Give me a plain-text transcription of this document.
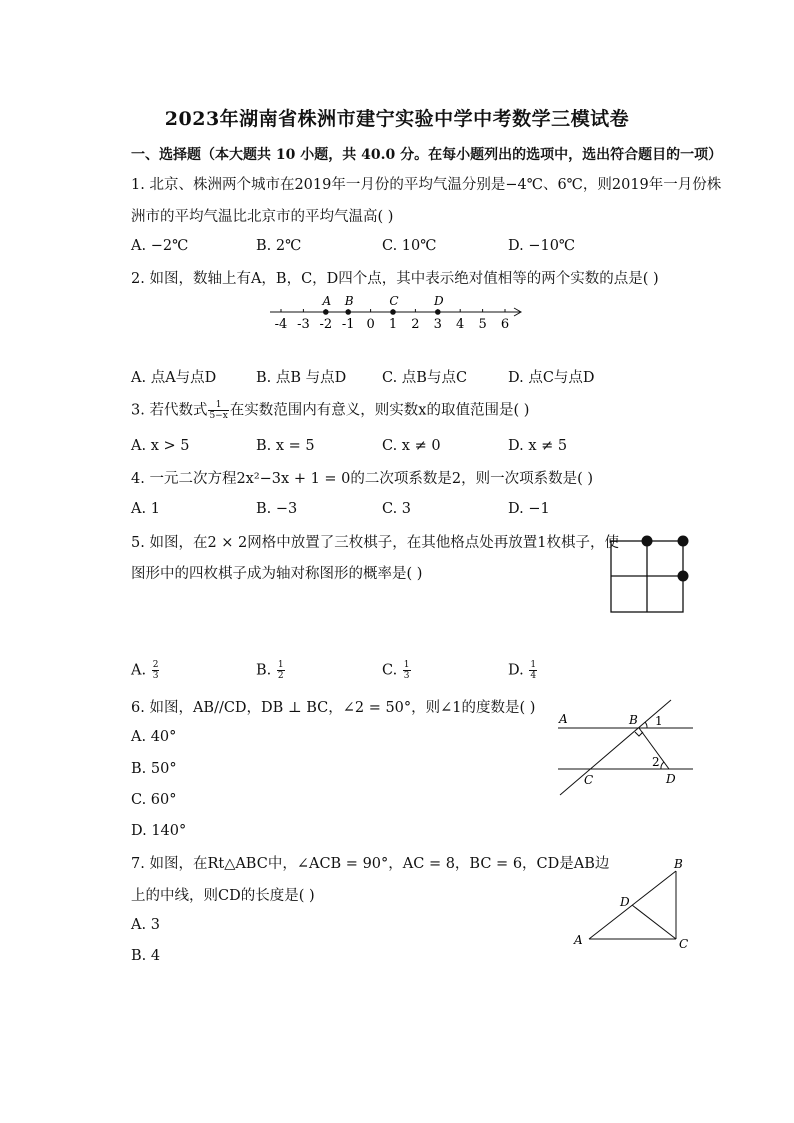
2023年湖南省株洲市建宁实验中学中考数学三模试卷
一、选择题（本大题共 10 小题，共 40.0 分。在每小题列出的选项中，选出符合题目的一项）
1. 北京、株洲两个城市在2019年一月份的平均气温分别是−4℃、6℃，则2019年一月份株
洲市的平均气温比北京市的平均气温高( )
A. −2℃	B. 2℃	C. 10℃	D. −10℃
2. 如图，数轴上有A，B，C，D四个点，其中表示绝对值相等的两个实数的点是( )
-4 -3 -2 -1 0 1 2 3 4 5 6
A B	C	D
A. 点A与点D	B. 点B 与点D C. 点B与点C	D. 点C与点D
3. 若代数式 $\frac{1}{5-x}$ 在实数范围内有意义，则实数x的取值范围是( )
A. x > 5	B. x = 5	C. x ≠ 0	D. x ≠ 5
4. 一元二次方程2x²−3x + 1 = 0的二次项系数是2，则一次项系数是( )
A. 1	B. −3	C. 3	D. −1
5. 如图，在2 × 2网格中放置了三枚棋子，在其他格点处再放置1枚棋子，使
图形中的四枚棋子成为轴对称图形的概率是( )
A. $\frac{2}{3}$	B. $\frac{1}{2}$	C. $\frac{1}{3}$	D. $\frac{1}{4}$
6. 如图，AB//CD，DB ⊥ BC，∠2 = 50°，则∠1的度数是( )
A. 40°
B. 50°
C. 60°
D. 140°
A	B
C	D
1
2
7. 如图，在Rt△ABC中，∠ACB = 90°，AC = 8，BC = 6，CD是AB边
上的中线，则CD的长度是( )
A. 3
B. 4
A
B
C
D
